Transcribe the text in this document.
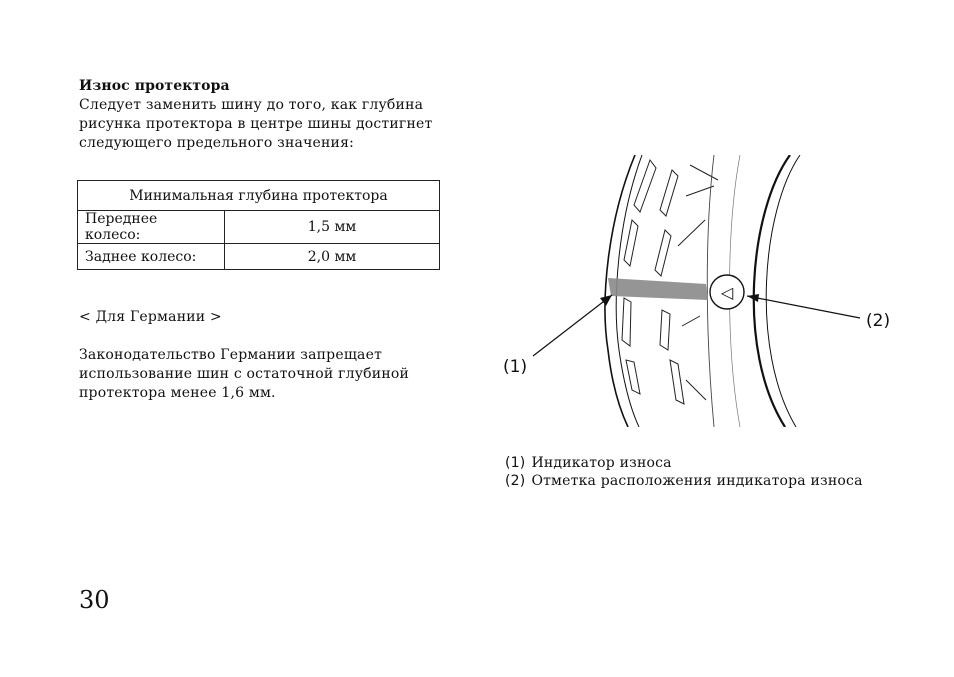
Износ протектора
Следует заменить шину до того, как глубина
рисунка протектора в центре шины достигнет
следующего предельного значения:
Минимальная глубина протектора	
Переднее колесо:	1,5 мм
Заднее колесо:	2,0 мм

< Для Германии >

Законодательство Германии запрещает
использование шин с остаточной глубиной
протектора менее 1,6 мм.

◁
(1)
(2)
(1) Индикатор износа
(2) Отметка расположения индикатора износа
30
